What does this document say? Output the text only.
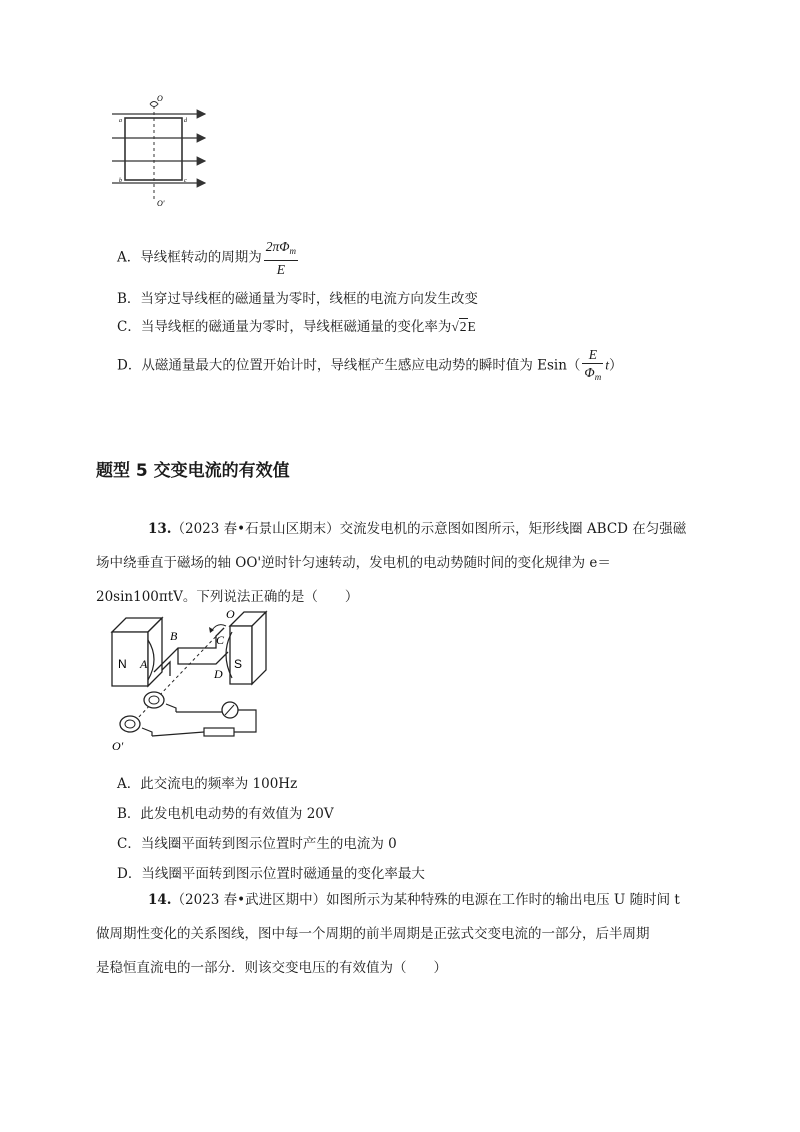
O
O'
a	d
b	c
A．导线框转动的周期为 $\frac{2\pi\Phi_m}{E}$
B．当穿过导线框的磁通量为零时，线框的电流方向发生改变
C．当导线框的磁通量为零时，导线框磁通量的变化率为√2E
D．从磁通量最大的位置开始计时，导线框产生感应电动势的瞬时值为 $Esin( \frac{E}{\Phi_m} t)$
题型 5 交变电流的有效值
13.（2023 春•石景山区期末）交流发电机的示意图如图所示，矩形线圈 ABCD 在匀强磁
场中绕垂直于磁场的轴 OO'逆时针匀速转动，发电机的电动势随时间的变化规律为 e＝
20sin100πtV。下列说法正确的是（　　）
N	S
A
B	C
D
O
O'
A．此交流电的频率为 100Hz
B．此发电机电动势的有效值为 20V
C．当线圈平面转到图示位置时产生的电流为 0
D．当线圈平面转到图示位置时磁通量的变化率最大
14.（2023 春•武进区期中）如图所示为某种特殊的电源在工作时的输出电压 U 随时间 t
做周期性变化的关系图线，图中每一个周期的前半周期是正弦式交变电流的一部分，后半周期
是稳恒直流电的一部分．则该交变电压的有效值为（　　）
